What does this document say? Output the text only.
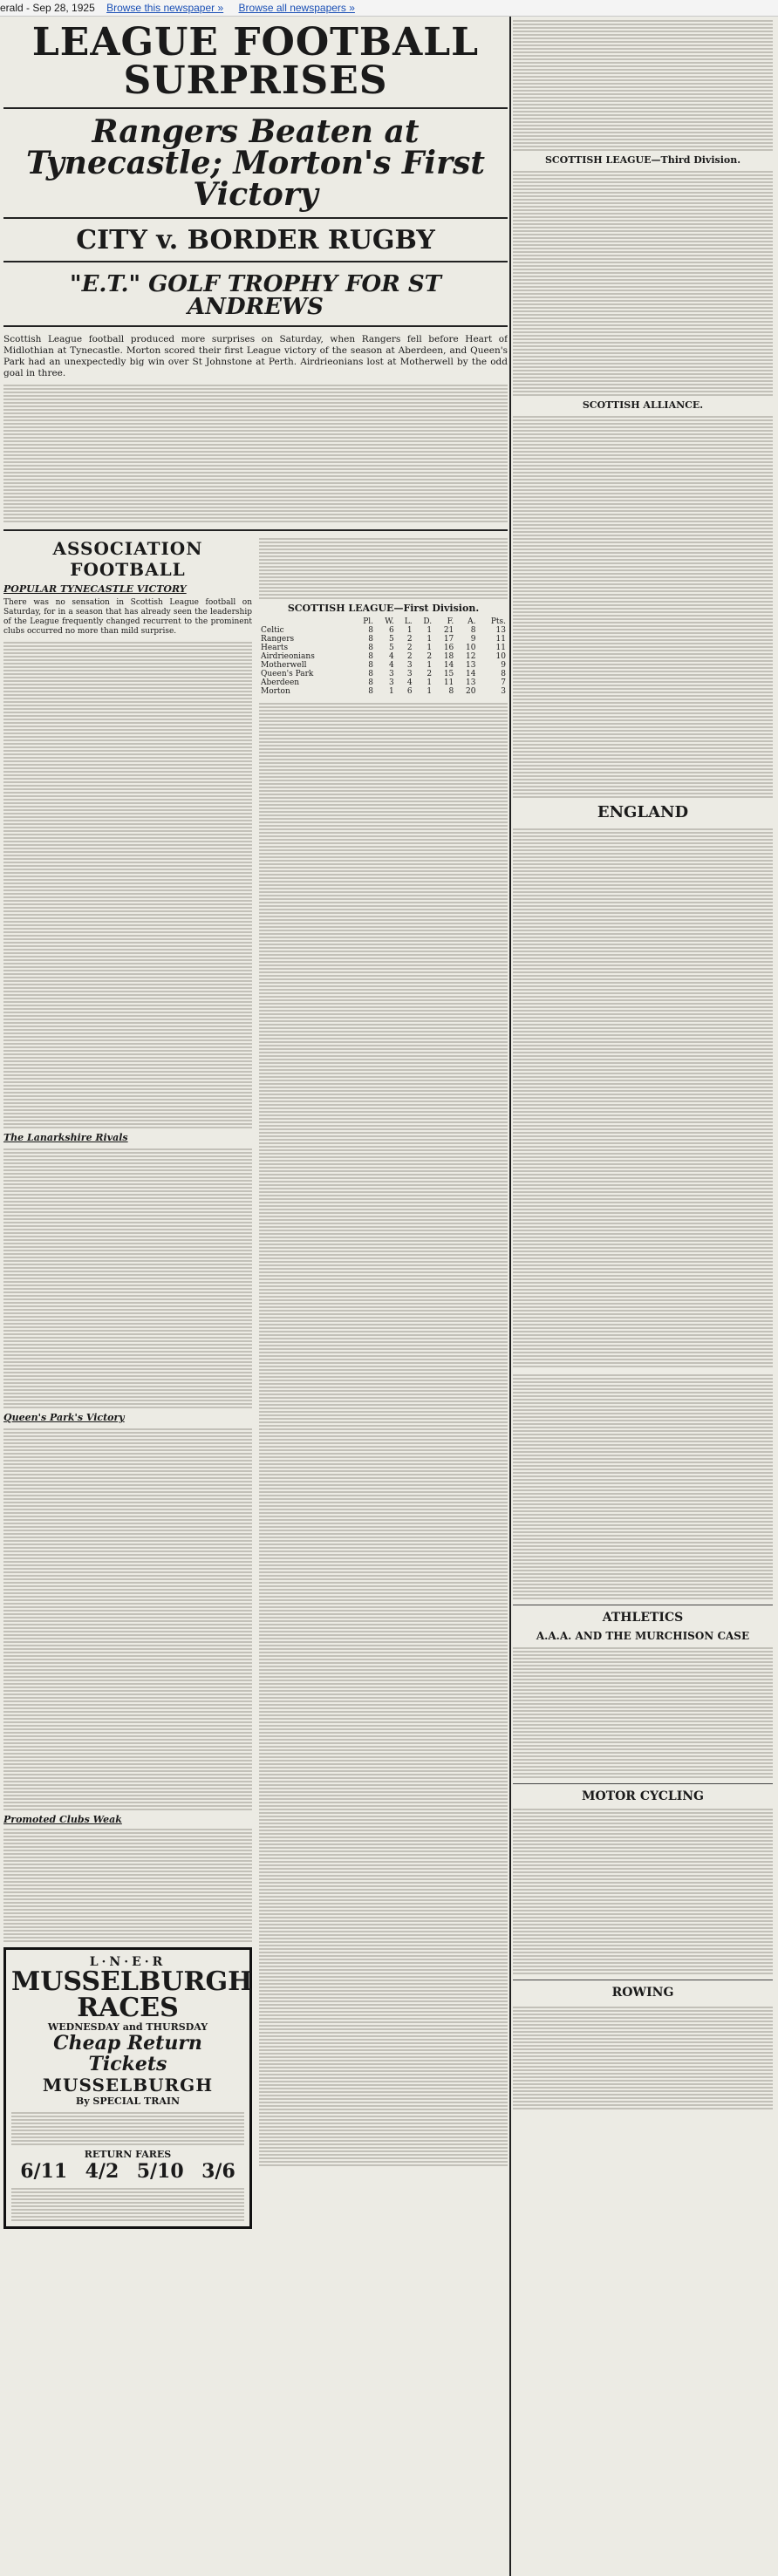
erald - Sep 28, 1925 Browse this newspaper » Browse all newspapers »
LEAGUE FOOTBALL SURPRISES
Rangers Beaten at Tynecastle; Morton's First Victory
CITY v. BORDER RUGBY
"E.T." GOLF TROPHY FOR ST ANDREWS
Scottish League football produced more surprises on Saturday, when Rangers fell before Heart of Midlothian at Tynecastle. Morton scored their first League victory of the season at Aberdeen, and Queen's Park had an unexpectedly big win over St Johnstone at Perth. Airdrieonians lost at Motherwell by the odd goal in three.
ASSOCIATION FOOTBALL
POPULAR TYNECASTLE VICTORY
There was no sensation in Scottish League football on Saturday, for in a season that has already seen the leadership of the League frequently changed recurrent to the prominent clubs occurred no more than mild surprise.
The Lanarkshire Rivals
Queen's Park's Victory
Promoted Clubs Weak
L·N·E·R
MUSSELBURGH RACES
WEDNESDAY and THURSDAY
Cheap Return Tickets
MUSSELBURGH
By SPECIAL TRAIN
RETURN FARES
6/11 4/2 5/10 3/6
SCOTTISH LEAGUE—First Division.
	Pl.	W.	L.	D.	F.	A.	Pts.
Celtic	8	6	1	1	21	8	13
Rangers	8	5	2	1	17	9	11
Hearts	8	5	2	1	16	10	11
Airdrieonians	8	4	2	2	18	12	10
Motherwell	8	4	3	1	14	13	9
Queen's Park	8	3	3	2	15	14	8
Aberdeen	8	3	4	1	11	13	7
Morton	8	1	6	1	8	20	3
SCOTTISH LEAGUE—Third Division.
SCOTTISH ALLIANCE.
ENGLAND
ATHLETICS
A.A.A. AND THE MURCHISON CASE
MOTOR CYCLING
ROWING
